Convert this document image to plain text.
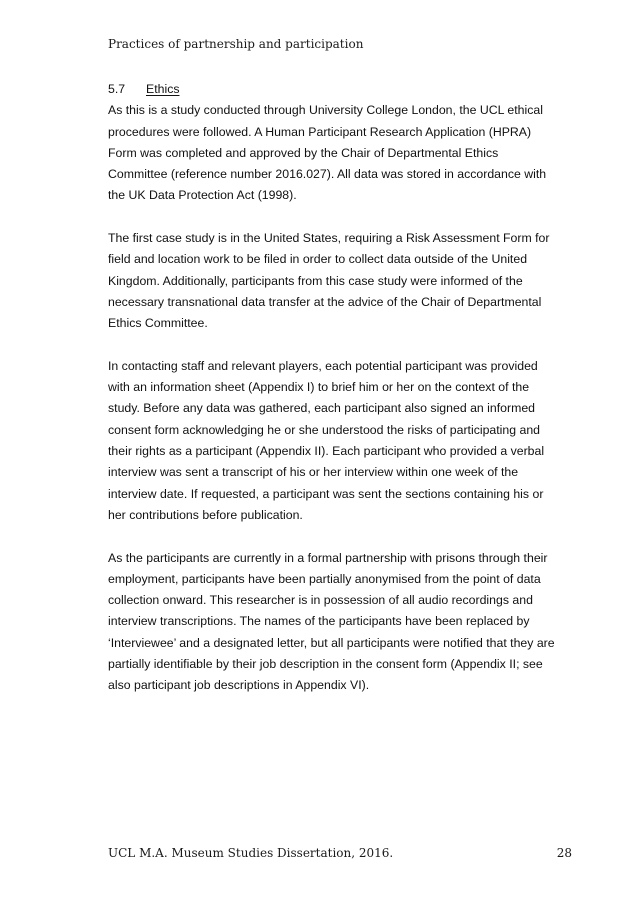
Practices of partnership and participation
5.7 Ethics

As this is a study conducted through University College London, the UCL ethical
procedures were followed. A Human Participant Research Application (HPRA)
Form was completed and approved by the Chair of Departmental Ethics
Committee (reference number 2016.027). All data was stored in accordance with
the UK Data Protection Act (1998).

The first case study is in the United States, requiring a Risk Assessment Form for
field and location work to be filed in order to collect data outside of the United
Kingdom. Additionally, participants from this case study were informed of the
necessary transnational data transfer at the advice of the Chair of Departmental
Ethics Committee.

In contacting staff and relevant players, each potential participant was provided
with an information sheet (Appendix I) to brief him or her on the context of the
study. Before any data was gathered, each participant also signed an informed
consent form acknowledging he or she understood the risks of participating and
their rights as a participant (Appendix II). Each participant who provided a verbal
interview was sent a transcript of his or her interview within one week of the
interview date. If requested, a participant was sent the sections containing his or
her contributions before publication.

As the participants are currently in a formal partnership with prisons through their
employment, participants have been partially anonymised from the point of data
collection onward. This researcher is in possession of all audio recordings and
interview transcriptions. The names of the participants have been replaced by
‘Interviewee’ and a designated letter, but all participants were notified that they are
partially identifiable by their job description in the consent form (Appendix II; see
also participant job descriptions in Appendix VI).

UCL M.A. Museum Studies Dissertation, 2016.	28
